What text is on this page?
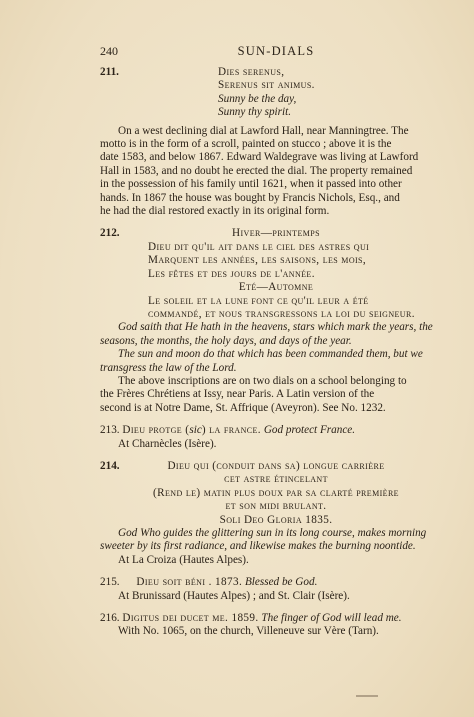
240	SUN-DIALS
211.	Dies serenus,
Serenus sit animus.
Sunny be the day,
Sunny thy spirit.
On a west declining dial at Lawford Hall, near Manningtree. The
motto is in the form of a scroll, painted on stucco ; above it is the
date 1583, and below 1867. Edward Waldegrave was living at Lawford
Hall in 1583, and no doubt he erected the dial. The property remained
in the possession of his family until 1621, when it passed into other
hands. In 1867 the house was bought by Francis Nichols, Esq., and
he had the dial restored exactly in its original form.
212.	Hiver—printemps
Dieu dit qu'il ait dans le ciel des astres qui
Marquent les années, les saisons, les mois,
Les fêtes et des jours de l'année.
Eté—Automne
Le soleil et la lune font ce qu'il leur a été
commandé, et nous transgressons la loi du seigneur.
God saith that He hath in the heavens, stars which mark the years, the
seasons, the months, the holy days, and days of the year.
The sun and moon do that which has been commanded them, but we
transgress the law of the Lord.
The above inscriptions are on two dials on a school belonging to
the Frères Chrétiens at Issy, near Paris. A Latin version of the
second is at Notre Dame, St. Affrique (Aveyron). See No. 1232.
213. Dieu protge (sic) la france. God protect France.
At Charnècles (Isère).
214.	Dieu qui (conduit dans sa) longue carrière
cet astre étincelant
(Rend le) matin plus doux par sa clarté première
et son midi brulant.
Soli Deo Gloria 1835.
God Who guides the glittering sun in its long course, makes morning
sweeter by its first radiance, and likewise makes the burning noontide.
At La Croiza (Hautes Alpes).
215. Dieu soit béni . 1873. Blessed be God.
At Brunissard (Hautes Alpes) ; and St. Clair (Isère).
216. Digitus dei ducet me. 1859. The finger of God will lead me.
With No. 1065, on the church, Villeneuve sur Vère (Tarn).
